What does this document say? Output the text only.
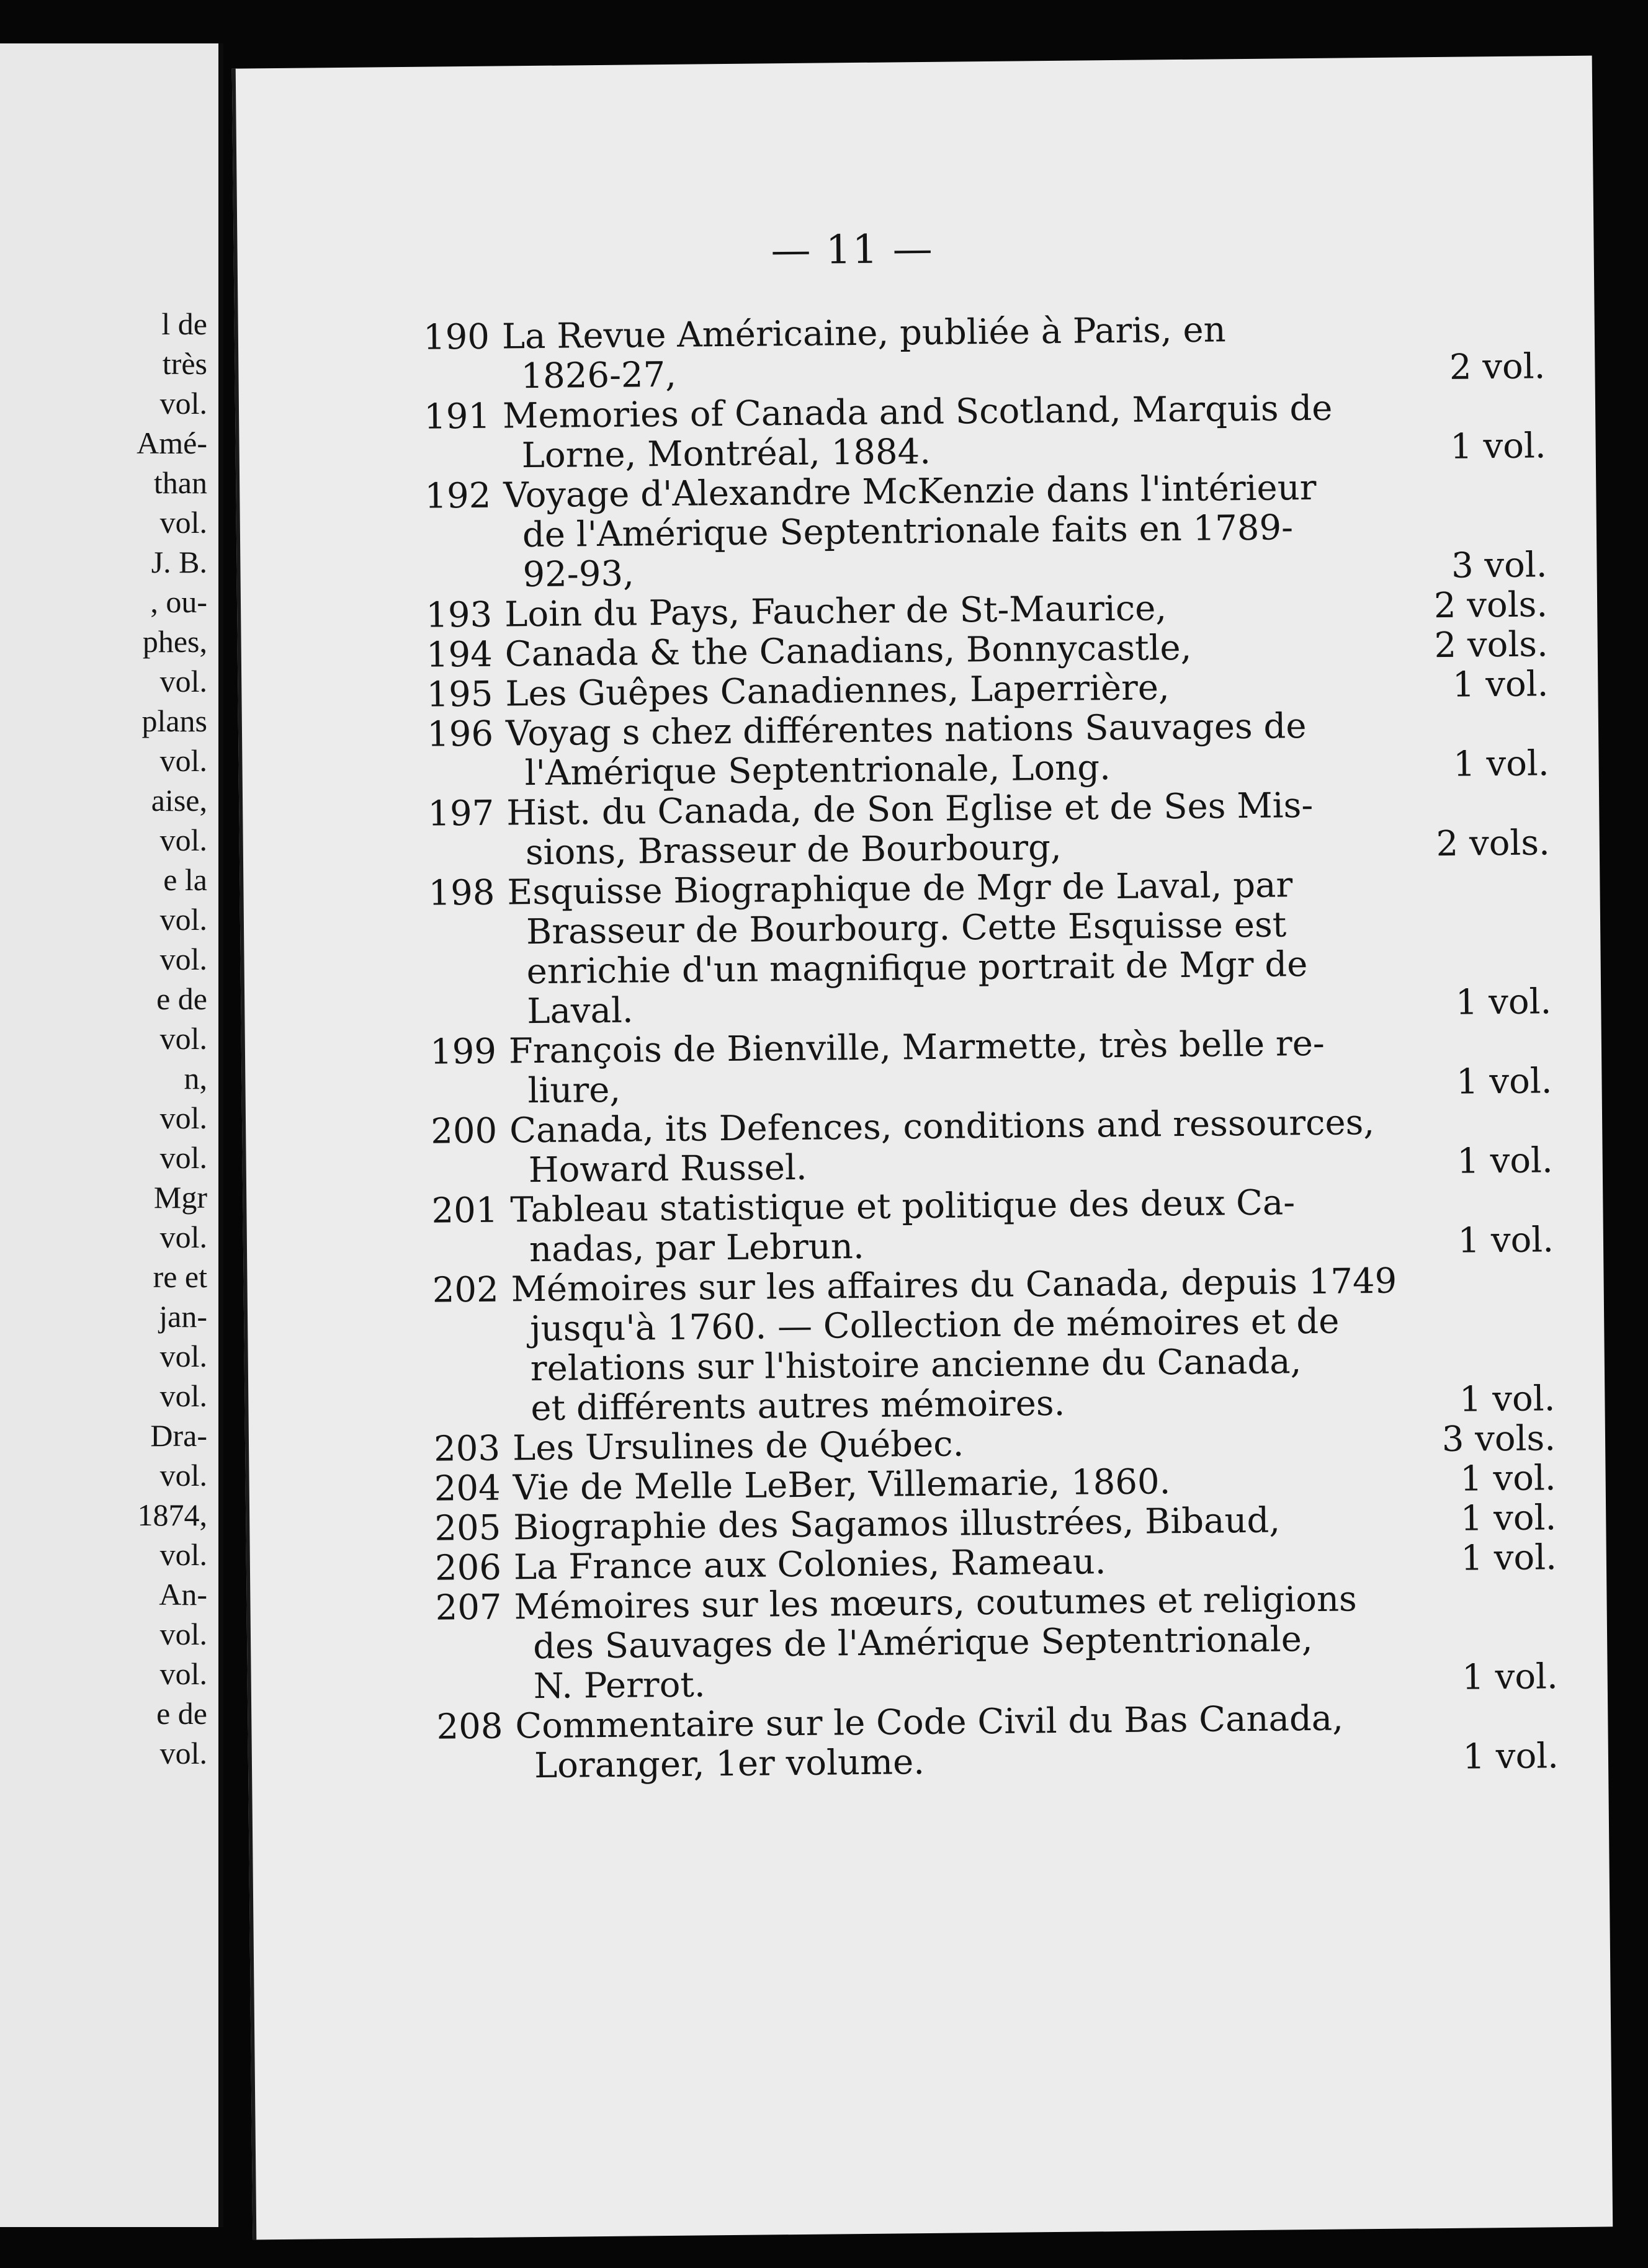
l de
très
vol.
Amé-
than
vol.
J. B.
, ou-
phes,
vol.
plans
vol.
aise,
vol.
e la
vol.
vol.
e de
vol.
n,
vol.
vol.
Mgr
vol.
re et
jan-
vol.
vol.
Dra-
vol.
1874,
vol.
An-
vol.
vol.
e de
vol.
— 11 —
190 La Revue Américaine, publiée à Paris, en
1826-27,	2 vol.
191 Memories of Canada and Scotland, Marquis de
Lorne, Montréal, 1884.	1 vol.
192 Voyage d'Alexandre McKenzie dans l'intérieur
de l'Amérique Septentrionale faits en 1789-
92-93,	3 vol.
193 Loin du Pays, Faucher de St-Maurice,	2 vols.
194 Canada & the Canadians, Bonnycastle,	2 vols.
195 Les Guêpes Canadiennes, Laperrière,	1 vol.
196 Voyag s chez différentes nations Sauvages de
l'Amérique Septentrionale, Long.	1 vol.
197 Hist. du Canada, de Son Eglise et de Ses Mis-
sions, Brasseur de Bourbourg,	2 vols.
198 Esquisse Biographique de Mgr de Laval, par
Brasseur de Bourbourg. Cette Esquisse est
enrichie d'un magnifique portrait de Mgr de
Laval.	1 vol.
199 François de Bienville, Marmette, très belle re-
liure,	1 vol.
200 Canada, its Defences, conditions and ressources,
Howard Russel.	1 vol.
201 Tableau statistique et politique des deux Ca-
nadas, par Lebrun.	1 vol.
202 Mémoires sur les affaires du Canada, depuis 1749
jusqu'à 1760. — Collection de mémoires et de
relations sur l'histoire ancienne du Canada,
et différents autres mémoires.	1 vol.
203 Les Ursulines de Québec.	3 vols.
204 Vie de Melle LeBer, Villemarie, 1860.	1 vol.
205 Biographie des Sagamos illustrées, Bibaud,	1 vol.
206 La France aux Colonies, Rameau.	1 vol.
207 Mémoires sur les mœurs, coutumes et religions
des Sauvages de l'Amérique Septentrionale,
N. Perrot.	1 vol.
208 Commentaire sur le Code Civil du Bas Canada,
Loranger, 1er volume.	1 vol.
